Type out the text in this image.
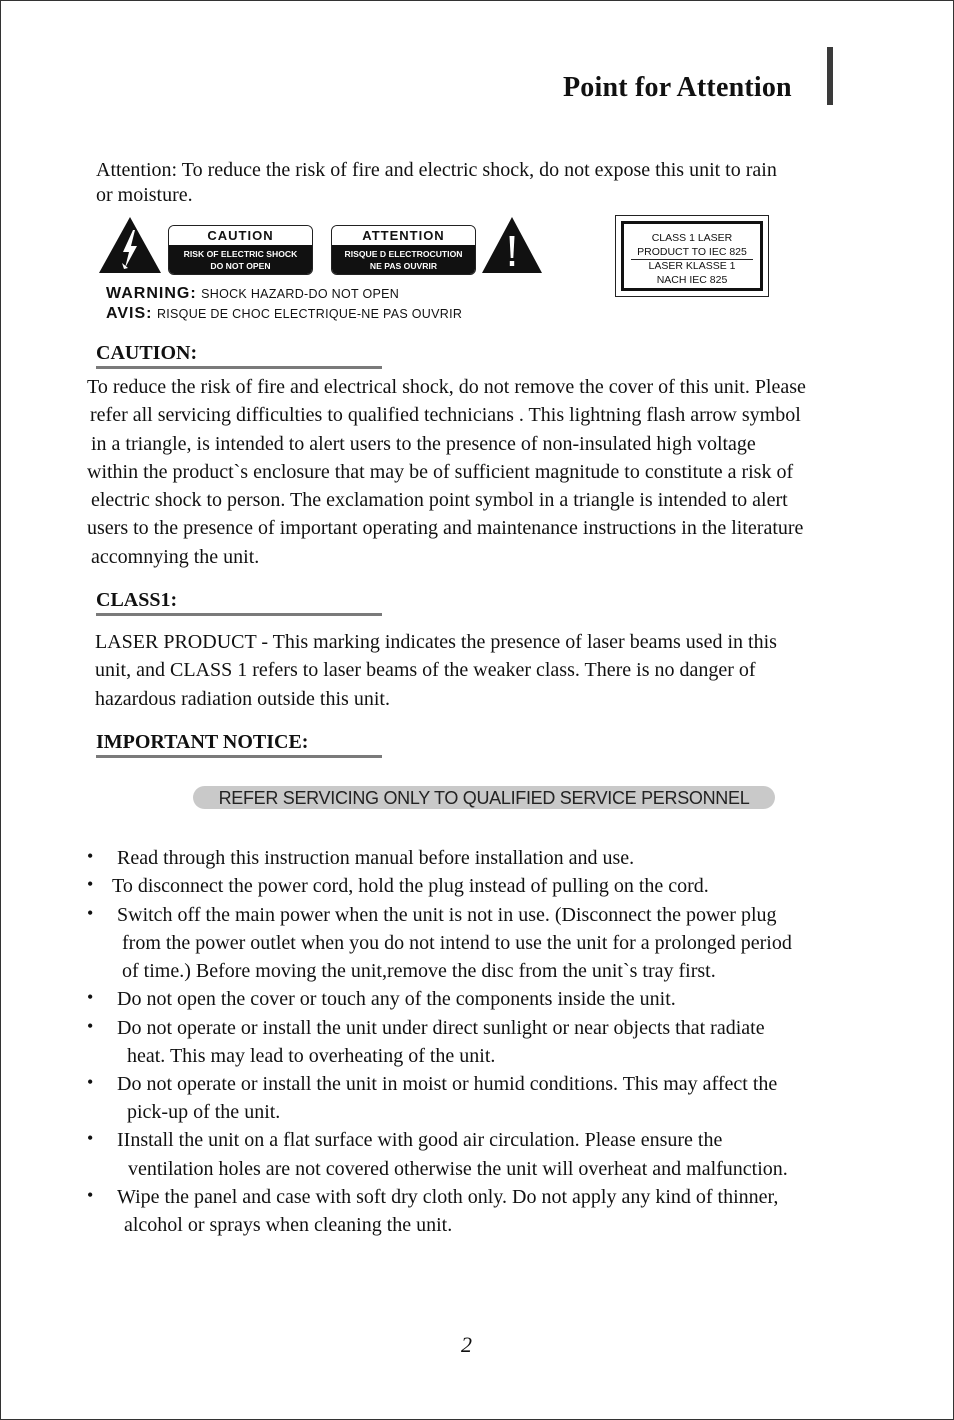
Point for Attention
Attention: To reduce the risk of fire and electric shock, do not expose this unit to rain
or moisture.
CAUTION
RISK OF ELECTRIC SHOCK
DO NOT OPEN
ATTENTION
RISQUE D ELECTROCUTION
NE PAS OUVRIR
CLASS 1 LASER
PRODUCT TO IEC 825
LASER KLASSE 1
NACH IEC 825
WARNING: SHOCK HAZARD-DO NOT OPEN
AVIS: RISQUE DE CHOC ELECTRIQUE-NE PAS OUVRIR
CAUTION:
To reduce the risk of fire and electrical shock, do not remove the cover of this unit. Please
refer all servicing difficulties to qualified technicians . This lightning flash arrow symbol
in a triangle, is intended to alert users to the presence of non-insulated high voltage
within the product`s enclosure that may be of sufficient magnitude to constitute a risk of
electric shock to person. The exclamation point symbol in a triangle is intended to alert
users to the presence of important operating and maintenance instructions in the literature
accomnying the unit.
CLASS1:
LASER PRODUCT - This marking indicates the presence of laser beams used in this
unit, and CLASS 1 refers to laser beams of the weaker class. There is no danger of
hazardous radiation outside this unit.
IMPORTANT NOTICE:
REFER SERVICING ONLY TO QUALIFIED SERVICE PERSONNEL
• Read through this instruction manual before installation and use.
• To disconnect the power cord, hold the plug instead of pulling on the cord.
• Switch off the main power when the unit is not in use. (Disconnect the power plug
from the power outlet when you do not intend to use the unit for a prolonged period
of time.) Before moving the unit,remove the disc from the unit`s tray first.
• Do not open the cover or touch any of the components inside the unit.
• Do not operate or install the unit under direct sunlight or near objects that radiate
heat. This may lead to overheating of the unit.
• Do not operate or install the unit in moist or humid conditions. This may affect the
pick-up of the unit.
• IInstall the unit on a flat surface with good air circulation. Please ensure the
ventilation holes are not covered otherwise the unit will overheat and malfunction.
• Wipe the panel and case with soft dry cloth only. Do not apply any kind of thinner,
alcohol or sprays when cleaning the unit.
2
